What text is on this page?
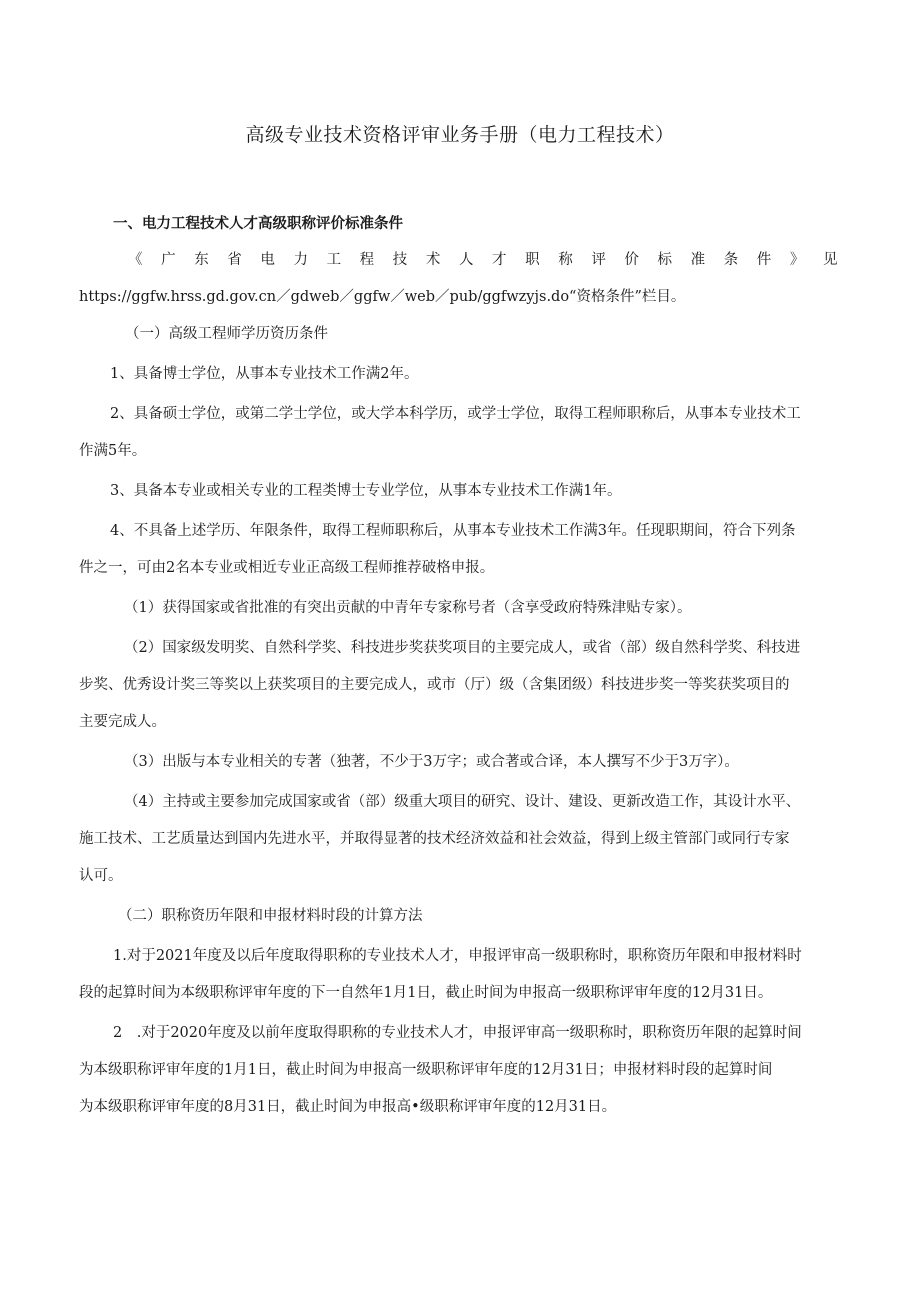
高级专业技术资格评审业务手册（电力工程技术）
一、电力工程技术人才高级职称评价标准条件
《 广 东 省 电 力 工 程 技 术 人 才 职 称 评 价 标 准 条 件 》 见
https://ggfw.hrss.gd.gov.cn／gdweb／ggfw／web／pub/ggfwzyjs.do“资格条件”栏目。
（一）高级工程师学历资历条件
1、具备博士学位，从事本专业技术工作满2年。
2、具备硕士学位，或第二学士学位，或大学本科学历，或学士学位，取得工程师职称后，从事本专业技术工
作满5年。
3、具备本专业或相关专业的工程类博士专业学位，从事本专业技术工作满1年。
4、不具备上述学历、年限条件，取得工程师职称后，从事本专业技术工作满3年。任现职期间，符合下列条
件之一，可由2名本专业或相近专业正高级工程师推荐破格申报。
（1）获得国家或省批准的有突出贡献的中青年专家称号者（含享受政府特殊津贴专家）。
（2）国家级发明奖、自然科学奖、科技进步奖获奖项目的主要完成人，或省（部）级自然科学奖、科技进
步奖、优秀设计奖三等奖以上获奖项目的主要完成人，或市（厅）级（含集团级）科技进步奖一等奖获奖项目的
主要完成人。
（3）出版与本专业相关的专著（独著，不少于3万字；或合著或合译，本人撰写不少于3万字）。
（4）主持或主要参加完成国家或省（部）级重大项目的研究、设计、建设、更新改造工作，其设计水平、
施工技术、工艺质量达到国内先进水平，并取得显著的技术经济效益和社会效益，得到上级主管部门或同行专家
认可。
（二）职称资历年限和申报材料时段的计算方法
1.对于2021年度及以后年度取得职称的专业技术人才，申报评审高一级职称时，职称资历年限和申报材料时
段的起算时间为本级职称评审年度的下一自然年1月1日，截止时间为申报高一级职称评审年度的12月31日。
2　.对于2020年度及以前年度取得职称的专业技术人才，申报评审高一级职称时，职称资历年限的起算时间
为本级职称评审年度的1月1日，截止时间为申报高一级职称评审年度的12月31日；申报材料时段的起算时间
为本级职称评审年度的8月31日，截止时间为申报高•级职称评审年度的12月31日。
